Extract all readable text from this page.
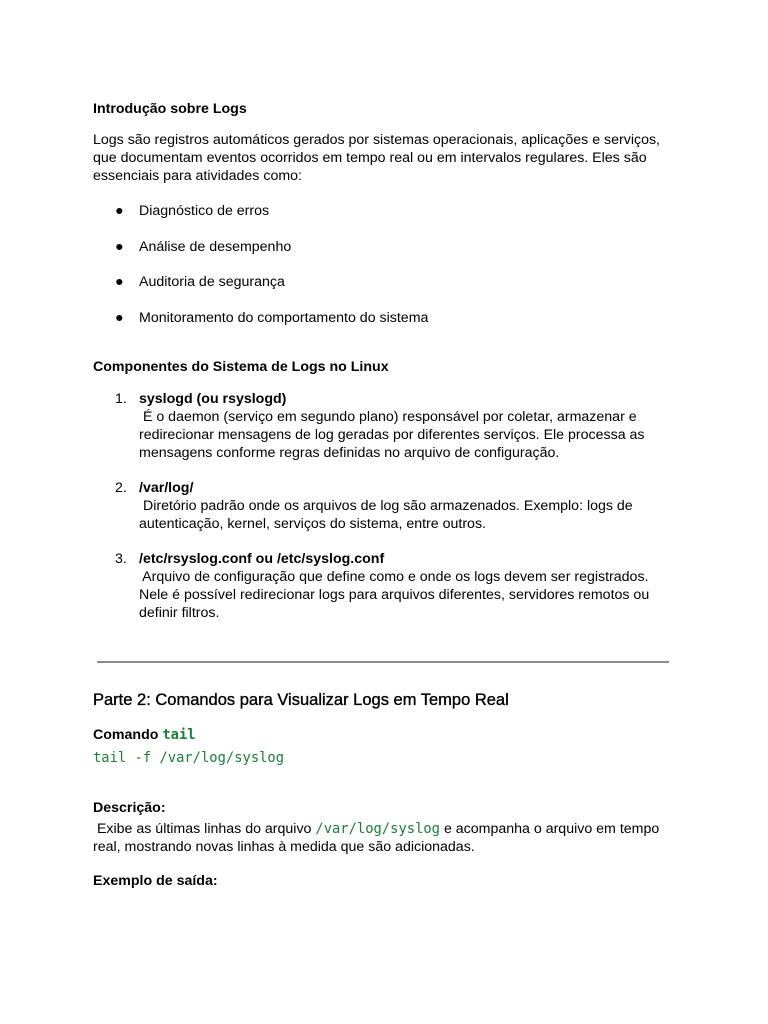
Introdução sobre Logs

Logs são registros automáticos gerados por sistemas operacionais, aplicações e serviços,
que documentam eventos ocorridos em tempo real ou em intervalos regulares. Eles são
essenciais para atividades como:
● Diagnóstico de erros
● Análise de desempenho
● Auditoria de segurança
● Monitoramento do comportamento do sistema

Componentes do Sistema de Logs no Linux

1. syslogd (ou rsyslogd)
É o daemon (serviço em segundo plano) responsável por coletar, armazenar e
redirecionar mensagens de log geradas por diferentes serviços. Ele processa as
mensagens conforme regras definidas no arquivo de configuração.
2. /var/log/
Diretório padrão onde os arquivos de log são armazenados. Exemplo: logs de
autenticação, kernel, serviços do sistema, entre outros.
3. /etc/rsyslog.conf ou /etc/syslog.conf
Arquivo de configuração que define como e onde os logs devem ser registrados.
Nele é possível redirecionar logs para arquivos diferentes, servidores remotos ou
definir filtros.

Parte 2: Comandos para Visualizar Logs em Tempo Real

Comando tail
tail -f /var/log/syslog

Descrição:

Exibe as últimas linhas do arquivo /var/log/syslog e acompanha o arquivo em tempo
real, mostrando novas linhas à medida que são adicionadas.

Exemplo de saída:
